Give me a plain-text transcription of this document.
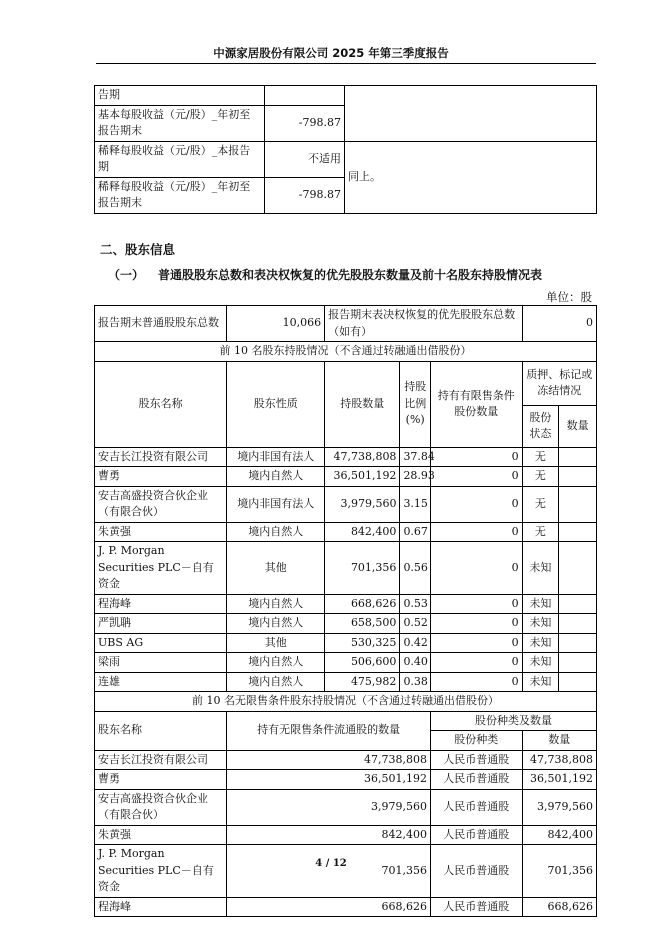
中源家居股份有限公司 2025 年第三季度报告
告期		
基本每股收益（元/股）_年初至报告期末	-798.87	
稀释每股收益（元/股）_本报告期	不适用	同上。
稀释每股收益（元/股）_年初至报告期末	-798.87	
二、股东信息
（一） 普通股股东总数和表决权恢复的优先股股东数量及前十名股东持股情况表
单位：股
报告期末普通股股东总数	10,066	报告期末表决权恢复的优先股股东总数（如有）			0	
前 10 名股东持股情况（不含通过转融通出借股份）						
股东名称	股东性质	持股数量	持股比例(%)	持有有限售条件股份数量	质押、标记或冻结情况	
					股份状态	数量
安吉长江投资有限公司	境内非国有法人	47,738,808	37.84	0	无	
曹勇	境内自然人	36,501,192	28.93	0	无	
安吉高盛投资合伙企业（有限合伙）	境内非国有法人	3,979,560	3.15	0	无	
朱黄强	境内自然人	842,400	0.67	0	无	
J. P. Morgan Securities PLC－自有资金	其他	701,356	0.56	0	未知	
程海峰	境内自然人	668,626	0.53	0	未知	
严凯聃	境内自然人	658,500	0.52	0	未知	
UBS AG	其他	530,325	0.42	0	未知	
梁雨	境内自然人	506,600	0.40	0	未知	
连雄	境内自然人	475,982	0.38	0	未知	
前 10 名无限售条件股东持股情况（不含通过转融通出借股份）						
股东名称	持有无限售条件流通股的数量			股份种类及数量		
				股份种类	数量	
安吉长江投资有限公司	47,738,808			人民币普通股	47,738,808	
曹勇	36,501,192			人民币普通股	36,501,192	
安吉高盛投资合伙企业（有限合伙）	3,979,560			人民币普通股	3,979,560	
朱黄强	842,400			人民币普通股	842,400	
J. P. Morgan Securities PLC－自有资金	701,356			人民币普通股	701,356	
程海峰	668,626			人民币普通股	668,626	
4 / 12
